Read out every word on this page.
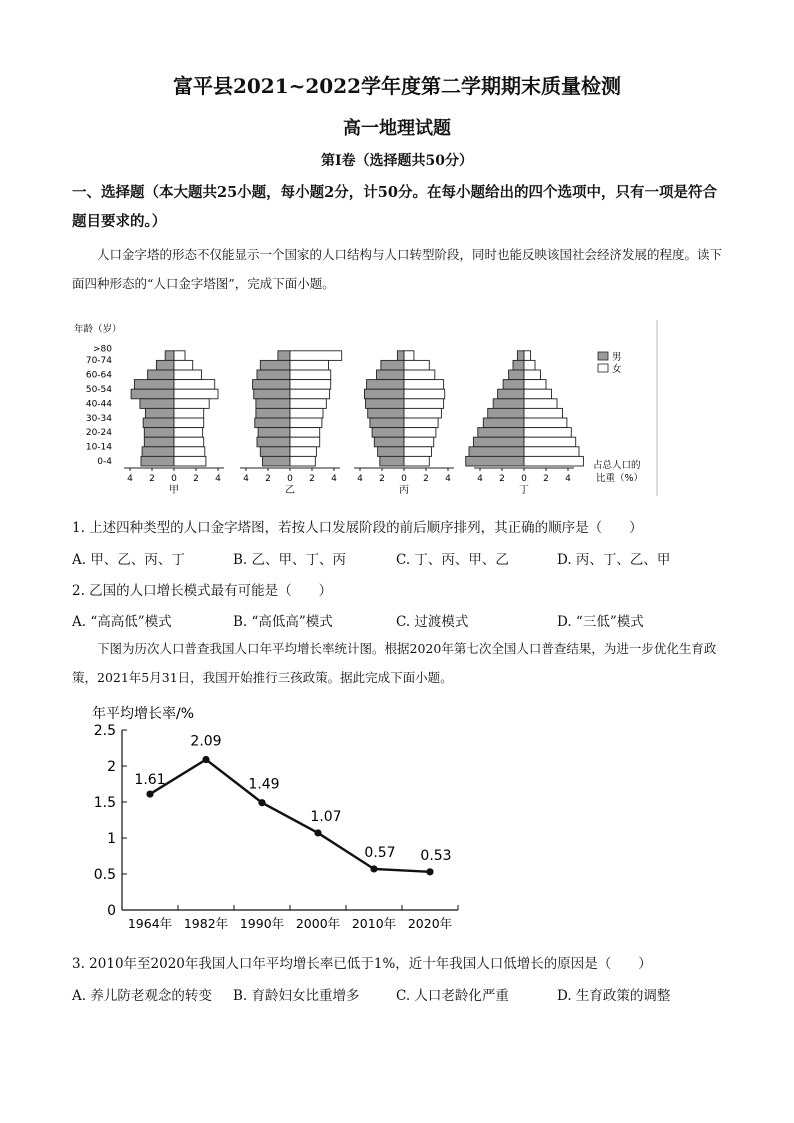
富平县2021~2022学年度第二学期期末质量检测
高一地理试题
第Ⅰ卷（选择题共50分）
一、选择题（本大题共25小题，每小题2分，计50分。在每小题给出的四个选项中，只有一项是符合题目要求的。）
人口金字塔的形态不仅能显示一个国家的人口结构与人口转型阶段，同时也能反映该国社会经济发展的程度。读下面四种形态的“人口金字塔图”，完成下面小题。
年龄（岁）
0-4
10-14
20-24
30-34
40-44
50-54
60-64
70-74
>80
4 2 0 2 4
甲
4 2 0 2 4
乙
4 2 0 2 4
丙
4 2 0 2 4
丁
男
女
占总人口的
比重（%）
1. 上述四种类型的人口金字塔图，若按人口发展阶段的前后顺序排列，其正确的顺序是（　　）
A. 甲、乙、丙、丁	B. 乙、甲、丁、丙	C. 丁、丙、甲、乙	D. 丙、丁、乙、甲
2. 乙国的人口增长模式最有可能是（　　）
A. “高高低”模式	B. “高低高”模式	C. 过渡模式	D. “三低”模式
下图为历次人口普查我国人口年平均增长率统计图。根据2020年第七次全国人口普查结果，为进一步优化生育政策，2021年5月31日，我国开始推行三孩政策。据此完成下面小题。
年平均增长率/%
0
0.5
1
1.5
2
2.5
1964年 1982年 1990年 2000年 2010年 2020年
1.61
2.09
1.49
1.07
0.57 0.53
3. 2010年至2020年我国人口年平均增长率已低于1%，近十年我国人口低增长的原因是（　　）
A. 养儿防老观念的转变 B. 育龄妇女比重增多	C. 人口老龄化严重	D. 生育政策的调整
